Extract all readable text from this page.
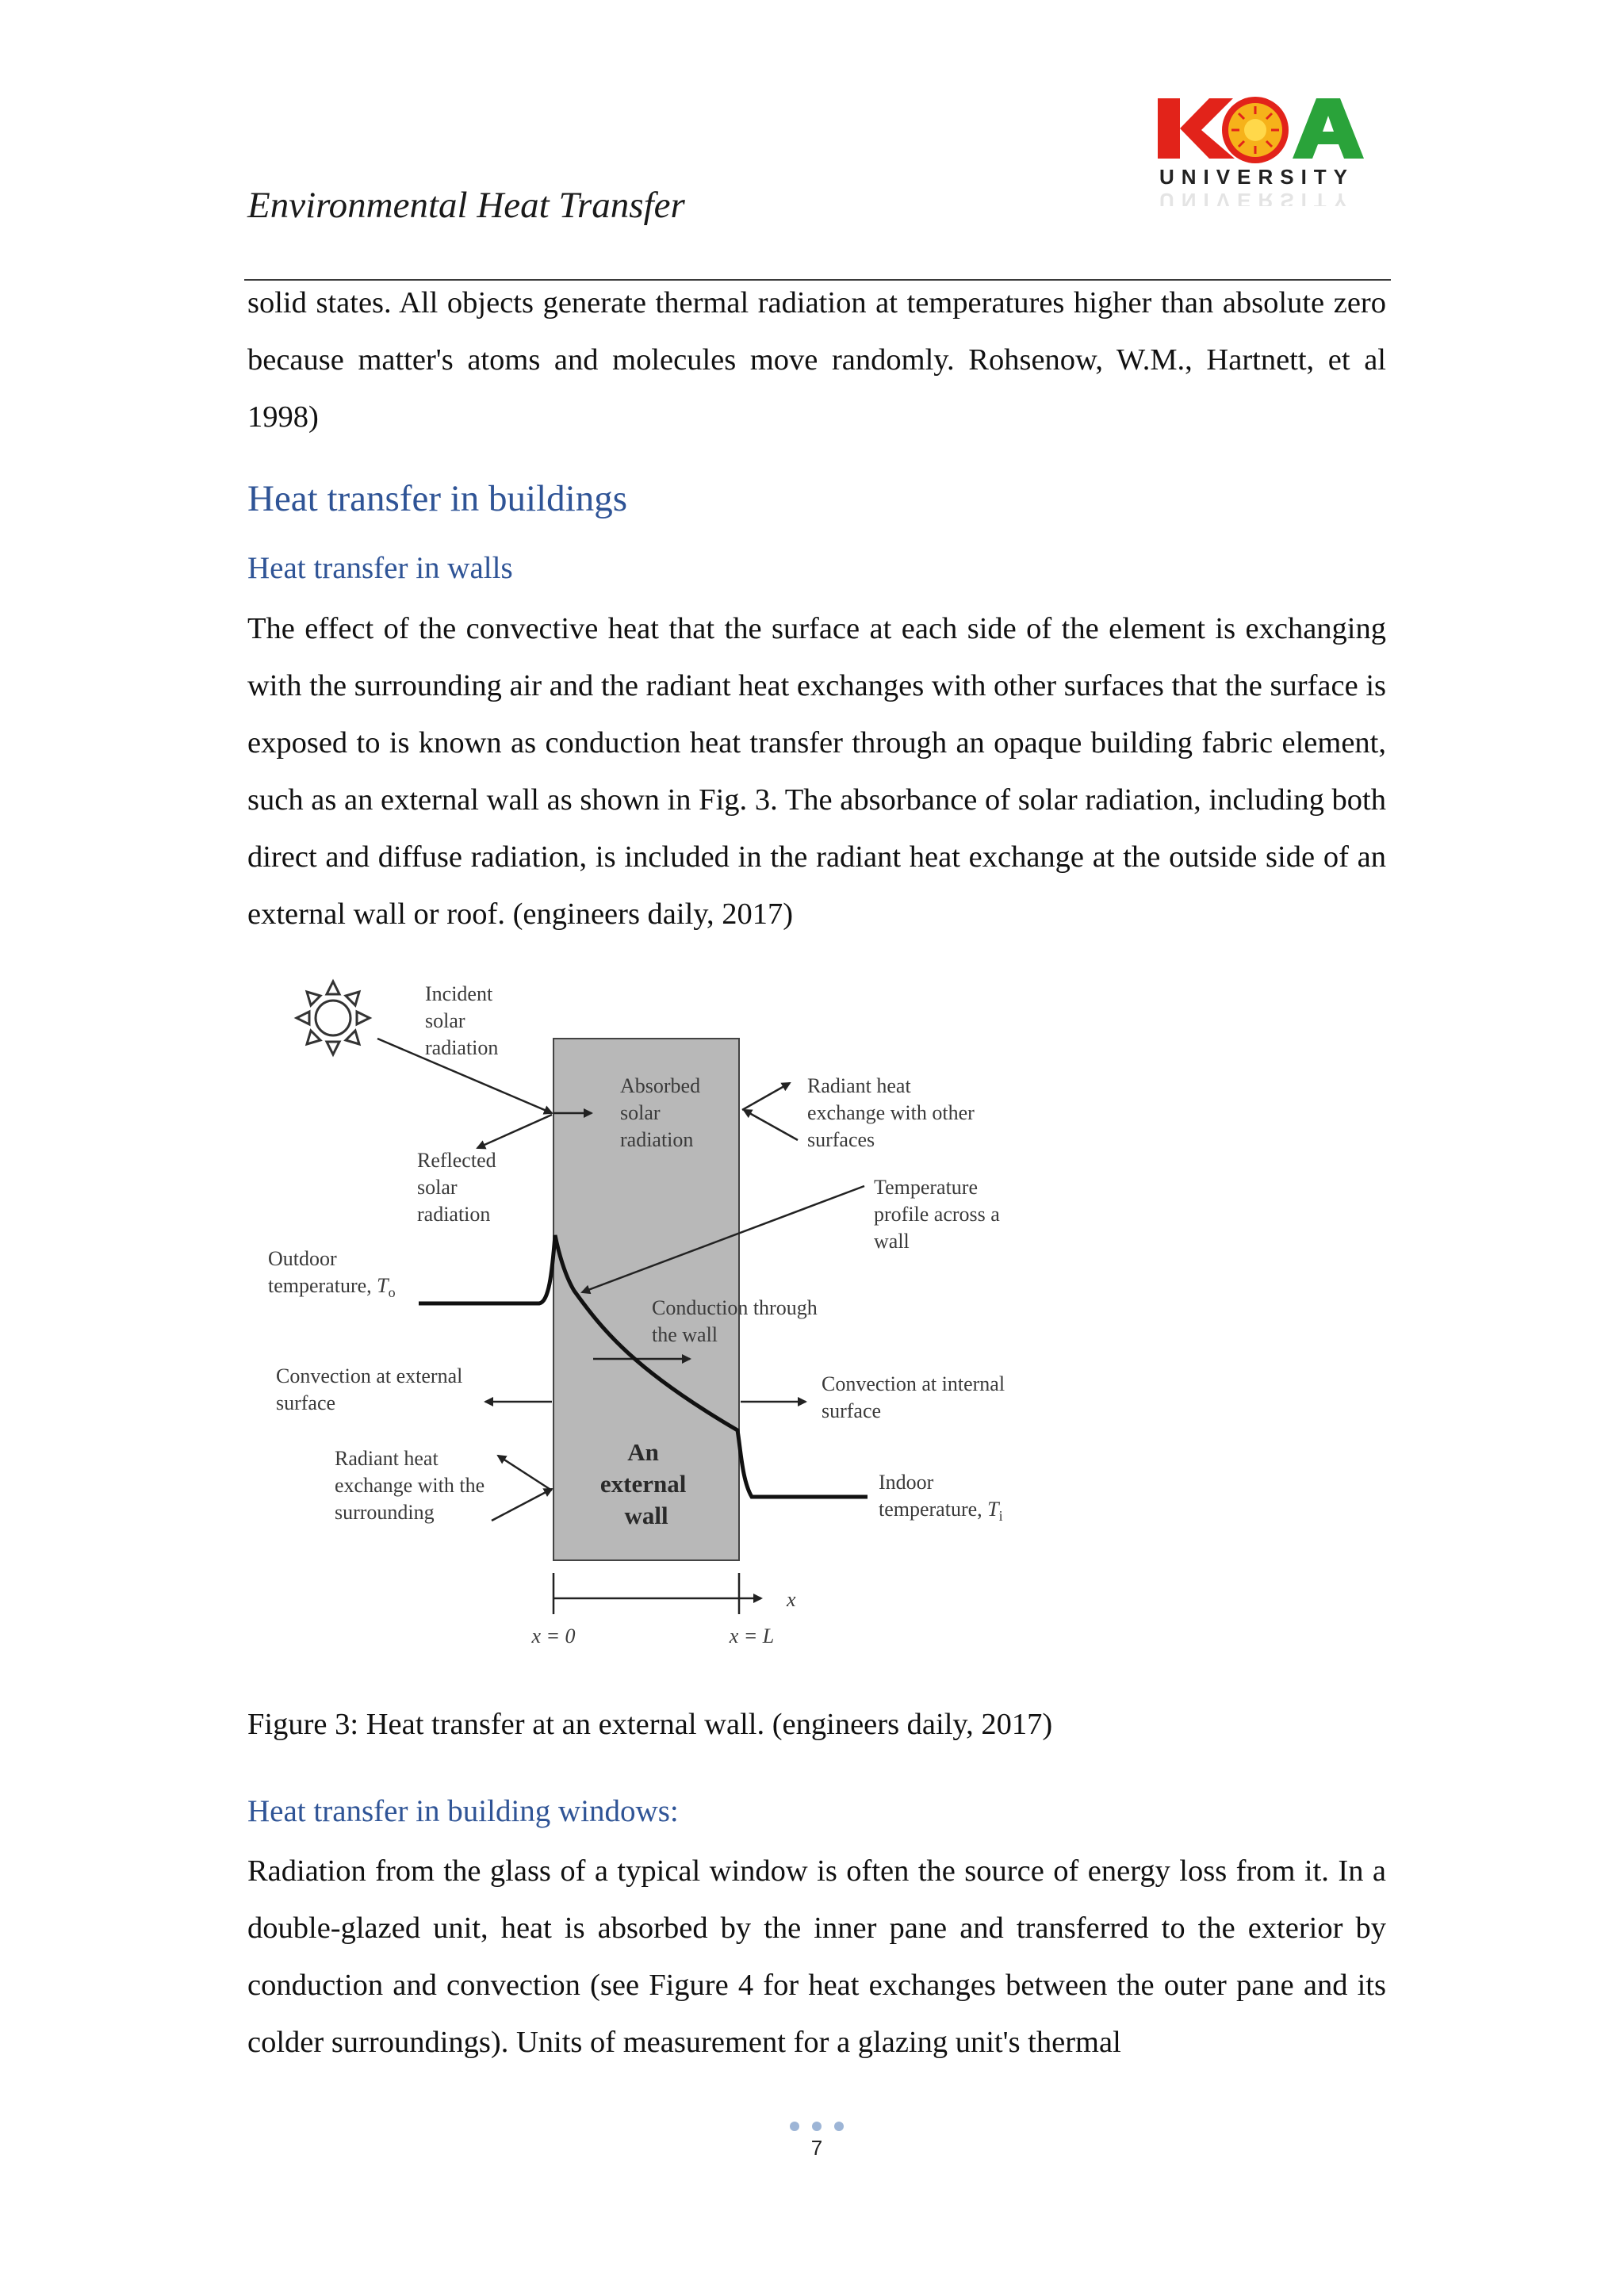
Environmental Heat Transfer

UNIVERSITY
UNIVERSITY

solid states. All objects generate thermal radiation at temperatures higher than absolute zero because matter's atoms and molecules move randomly. Rohsenow, W.M., Hartnett, et al 1998)

Heat transfer in buildings
Heat transfer in walls

The effect of the convective heat that the surface at each side of the element is exchanging with the surrounding air and the radiant heat exchanges with other surfaces that the surface is exposed to is known as conduction heat transfer through an opaque building fabric element, such as an external wall as shown in Fig. 3. The absorbance of solar radiation, including both direct and diffuse radiation, is included in the radiant heat exchange at the outside side of an external wall or roof. (engineers daily, 2017)

Incident solar radiation
Absorbed solar radiation
Radiant heat exchange with other surfaces
Reflected solar radiation
Temperature profile across a wall
Outdoor temperature, $T_o$
Conduction through the wall
Convection at external surface
Convection at internal surface
Radiant heat exchange with the surrounding
An external wall
Indoor temperature, $T_i$
x
x = 0	x = L

Figure 3: Heat transfer at an external wall. (engineers daily, 2017)

Heat transfer in building windows:

Radiation from the glass of a typical window is often the source of energy loss from it. In a double-glazed unit, heat is absorbed by the inner pane and transferred to the exterior by conduction and convection (see Figure 4 for heat exchanges between the outer pane and its colder surroundings). Units of measurement for a glazing unit's thermal

7
